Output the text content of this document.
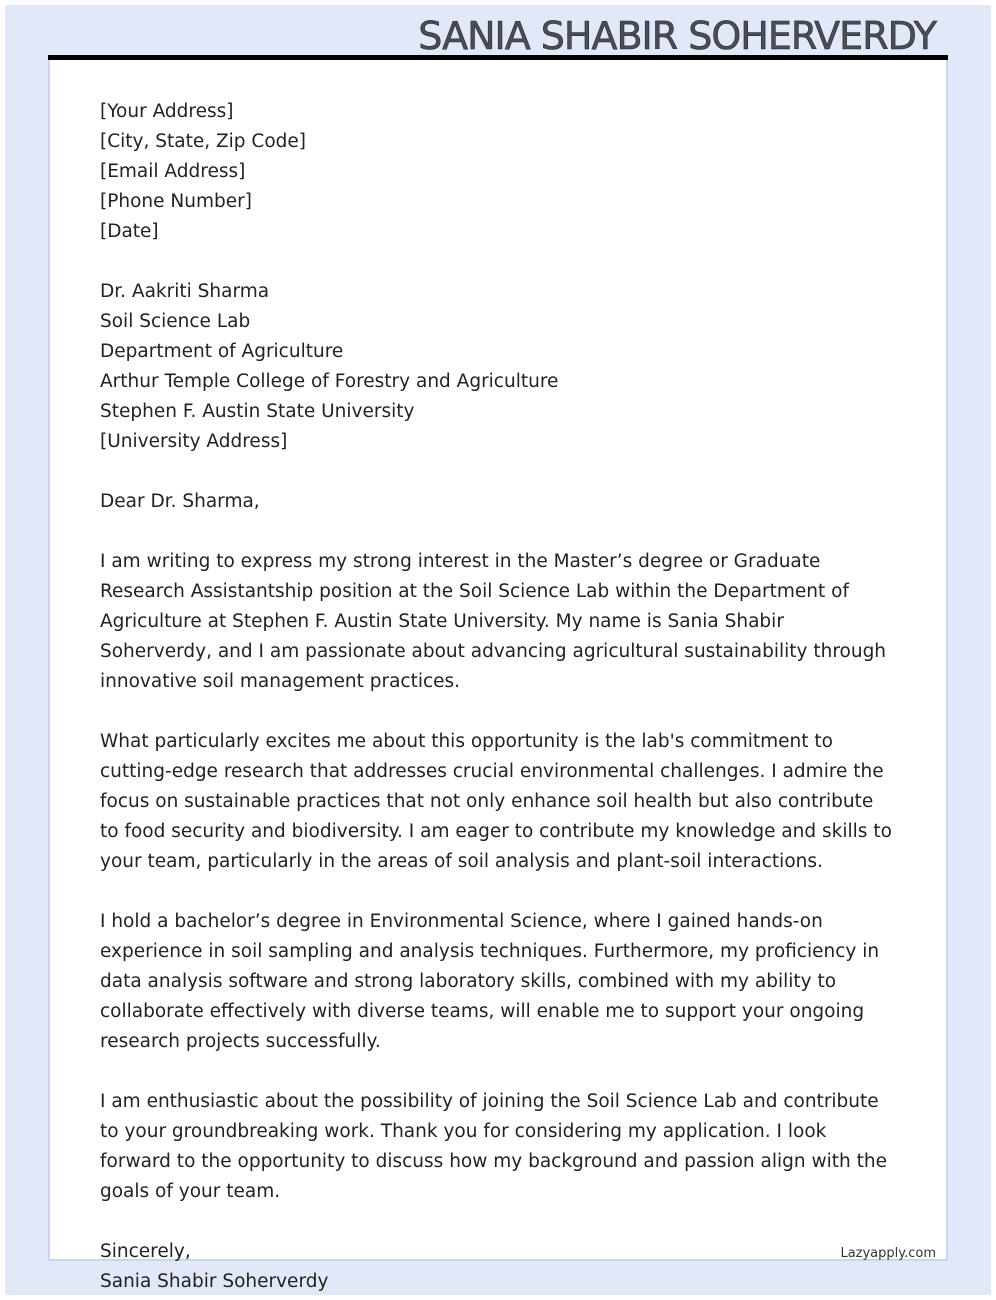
SANIA SHABIR SOHERVERDY
[Your Address]
[City, State, Zip Code]
[Email Address]
[Phone Number]
[Date]
Dr. Aakriti Sharma
Soil Science Lab
Department of Agriculture
Arthur Temple College of Forestry and Agriculture
Stephen F. Austin State University
[University Address]
Dear Dr. Sharma,

I am writing to express my strong interest in the Master’s degree or Graduate Research Assistantship position at the Soil Science Lab within the Department of Agriculture at Stephen F. Austin State University. My name is Sania Shabir Soherverdy, and I am passionate about advancing agricultural sustainability through innovative soil management practices.

What particularly excites me about this opportunity is the lab's commitment to cutting-edge research that addresses crucial environmental challenges. I admire the focus on sustainable practices that not only enhance soil health but also contribute to food security and biodiversity. I am eager to contribute my knowledge and skills to your team, particularly in the areas of soil analysis and plant-soil interactions.

I hold a bachelor’s degree in Environmental Science, where I gained hands-on experience in soil sampling and analysis techniques. Furthermore, my proficiency in data analysis software and strong laboratory skills, combined with my ability to collaborate effectively with diverse teams, will enable me to support your ongoing research projects successfully.

I am enthusiastic about the possibility of joining the Soil Science Lab and contribute to your groundbreaking work. Thank you for considering my application. I look forward to the opportunity to discuss how my background and passion align with the goals of your team.

Sincerely,
Sania Shabir Soherverdy
Lazyapply.com
